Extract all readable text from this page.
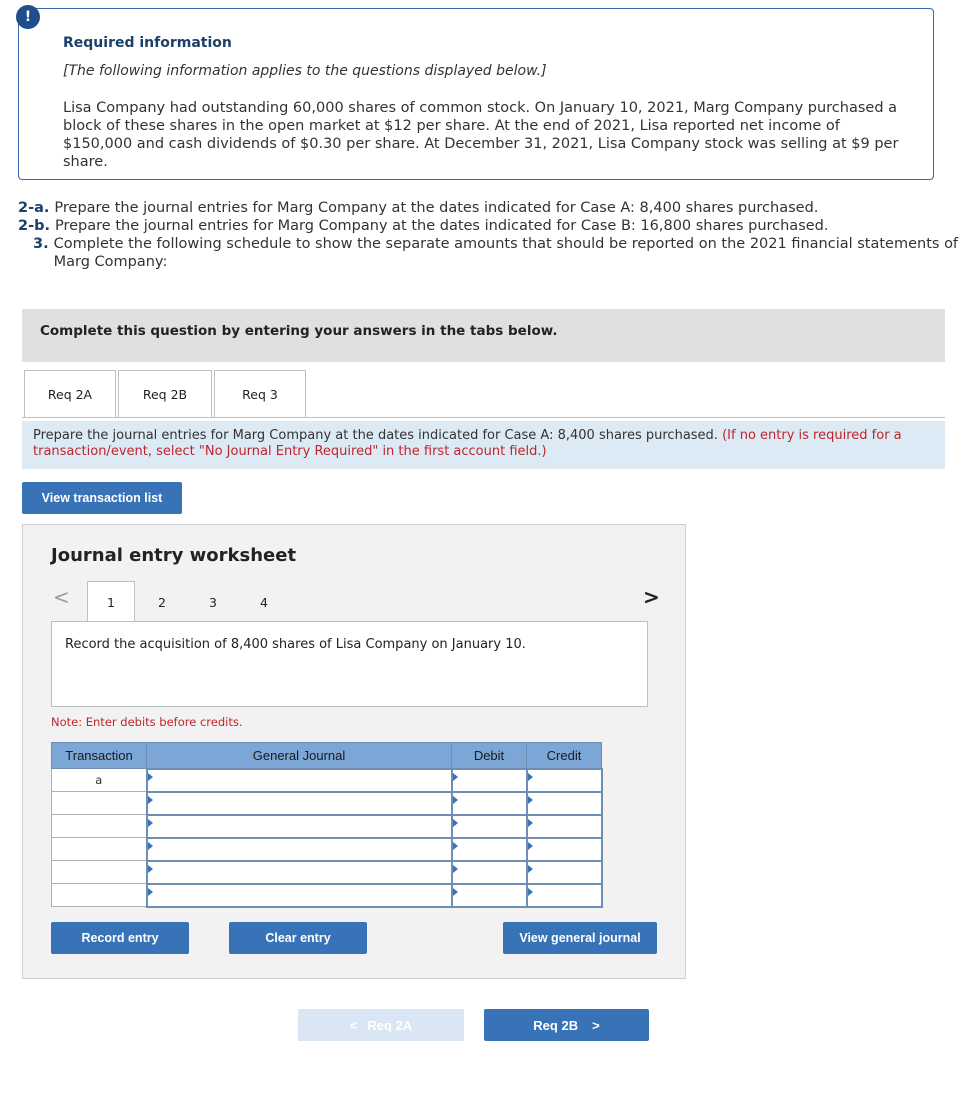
!
Required information
[The following information applies to the questions displayed below.]
Lisa Company had outstanding 60,000 shares of common stock. On January 10, 2021, Marg Company purchased a block of these shares in the open market at $12 per share. At the end of 2021, Lisa reported net income of $150,000 and cash dividends of $0.30 per share. At December 31, 2021, Lisa Company stock was selling at $9 per share.
2-a. Prepare the journal entries for Marg Company at the dates indicated for Case A: 8,400 shares purchased.
2-b. Prepare the journal entries for Marg Company at the dates indicated for Case B: 16,800 shares purchased.
3. Complete the following schedule to show the separate amounts that should be reported on the 2021 financial statements of Marg Company:
Complete this question by entering your answers in the tabs below.
Req 2A	Req 2B	Req 3

Prepare the journal entries for Marg Company at the dates indicated for Case A: 8,400 shares purchased. (If no entry is required for a transaction/event, select "No Journal Entry Required" in the first account field.)

View transaction list
Journal entry worksheet
<	1	2	3	4	>
Record the acquisition of 8,400 shares of Lisa Company on January 10.
Note: Enter debits before credits.
Transaction	General Journal	Debit	Credit
a			

Record entry	Clear entry	View general journal
< Req 2A	Req 2B >
